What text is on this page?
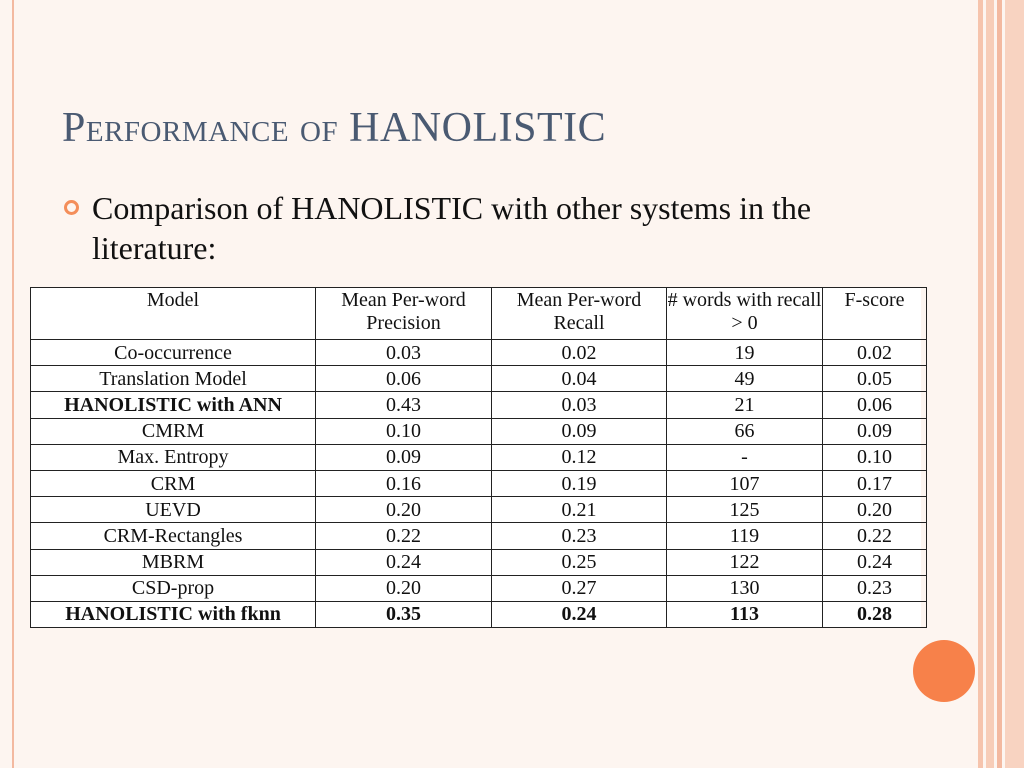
Performance of HANOLISTIC
Comparison of HANOLISTIC with other systems in the literature:
Model	Mean Per-word Precision	Mean Per-word Recall	# words with recall > 0	F-score
Co-occurrence	0.03	0.02	19	0.02
Translation Model	0.06	0.04	49	0.05
HANOLISTIC with ANN	0.43	0.03	21	0.06
CMRM	0.10	0.09	66	0.09
Max. Entropy	0.09	0.12	-	0.10
CRM	0.16	0.19	107	0.17
UEVD	0.20	0.21	125	0.20
CRM-Rectangles	0.22	0.23	119	0.22
MBRM	0.24	0.25	122	0.24
CSD-prop	0.20	0.27	130	0.23
HANOLISTIC with fknn	0.35	0.24	113	0.28
